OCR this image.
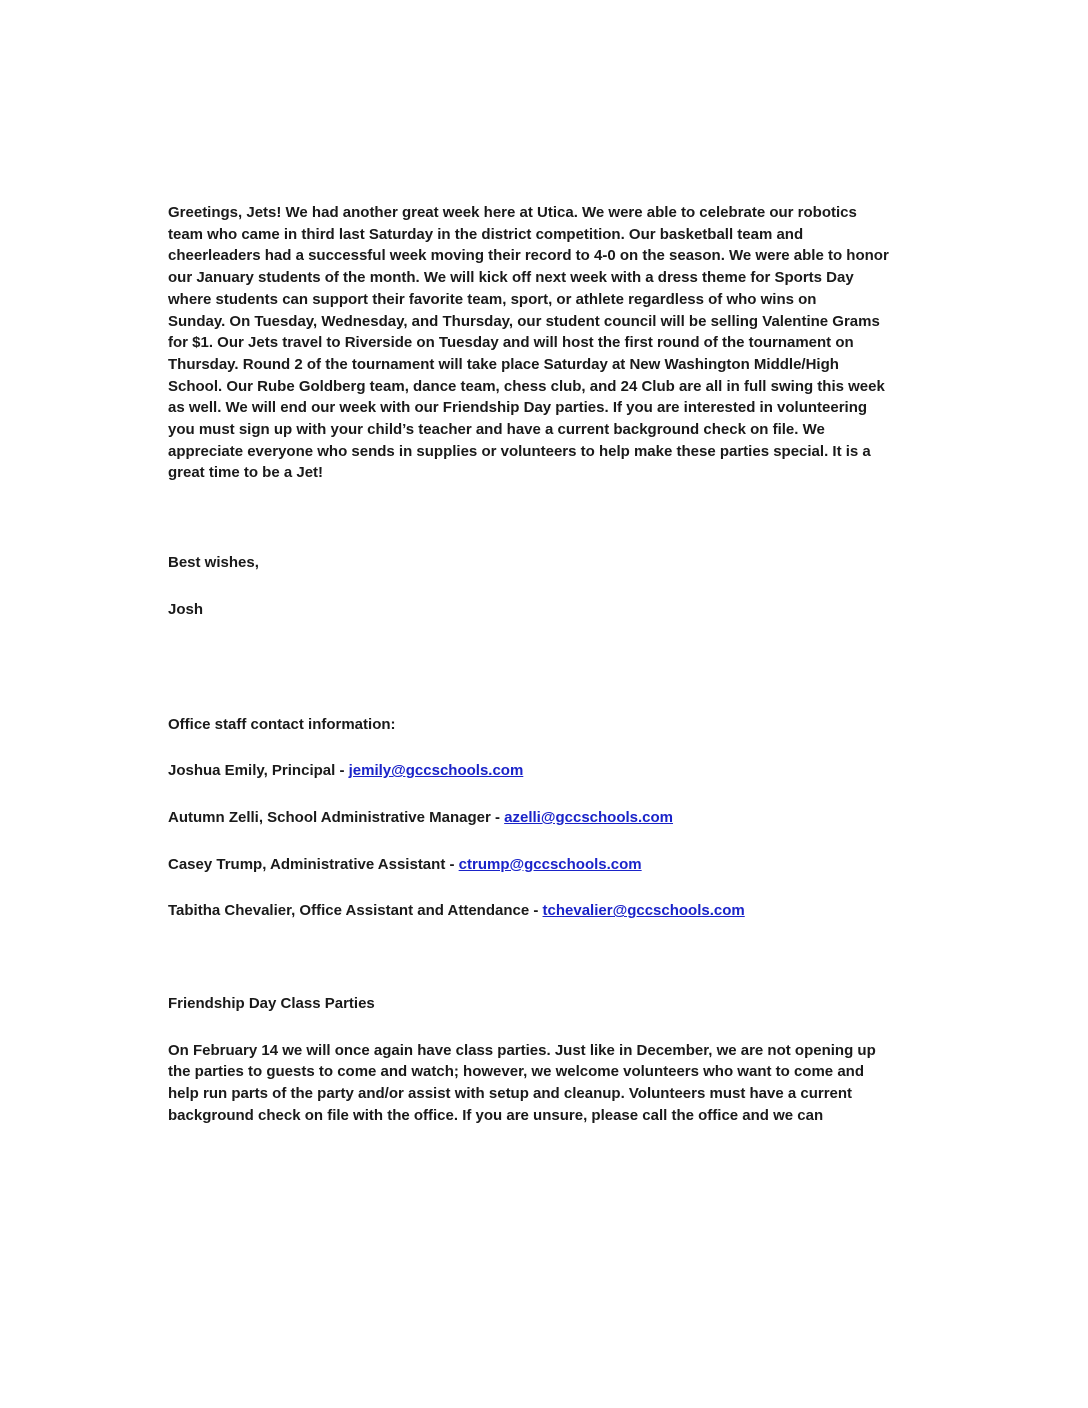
Greetings, Jets! We had another great week here at Utica. We were able to celebrate our robotics
team who came in third last Saturday in the district competition. Our basketball team and
cheerleaders had a successful week moving their record to 4-0 on the season. We were able to honor
our January students of the month. We will kick off next week with a dress theme for Sports Day
where students can support their favorite team, sport, or athlete regardless of who wins on
Sunday. On Tuesday, Wednesday, and Thursday, our student council will be selling Valentine Grams
for $1. Our Jets travel to Riverside on Tuesday and will host the first round of the tournament on
Thursday. Round 2 of the tournament will take place Saturday at New Washington Middle/High
School. Our Rube Goldberg team, dance team, chess club, and 24 Club are all in full swing this week
as well. We will end our week with our Friendship Day parties. If you are interested in volunteering
you must sign up with your child’s teacher and have a current background check on file. We
appreciate everyone who sends in supplies or volunteers to help make these parties special. It is a
great time to be a Jet!

Best wishes,

Josh

Office staff contact information:

Joshua Emily, Principal - jemily@gccschools.com

Autumn Zelli, School Administrative Manager - azelli@gccschools.com

Casey Trump, Administrative Assistant - ctrump@gccschools.com

Tabitha Chevalier, Office Assistant and Attendance - tchevalier@gccschools.com

Friendship Day Class Parties

On February 14 we will once again have class parties. Just like in December, we are not opening up
the parties to guests to come and watch; however, we welcome volunteers who want to come and
help run parts of the party and/or assist with setup and cleanup. Volunteers must have a current
background check on file with the office. If you are unsure, please call the office and we can
